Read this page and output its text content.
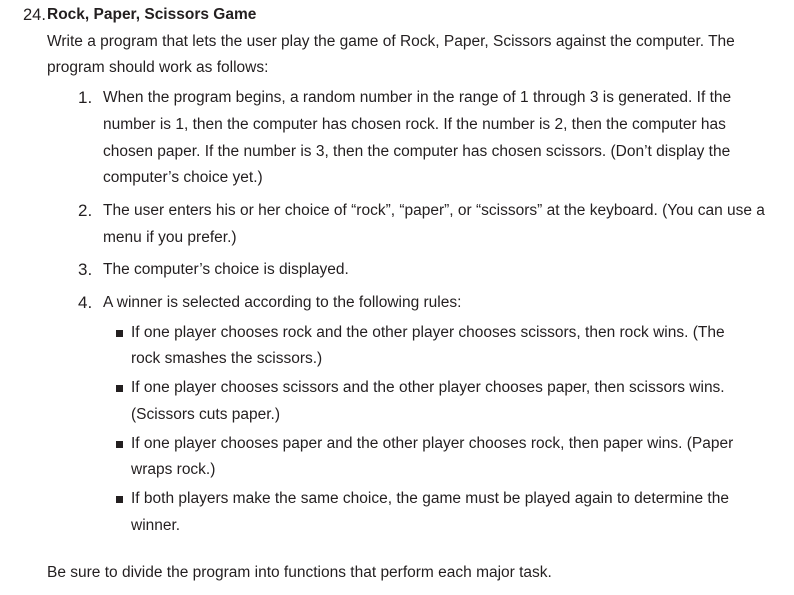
24. Rock, Paper, Scissors Game
Write a program that lets the user play the game of Rock, Paper, Scissors against the computer. The program should work as follows:
1. When the program begins, a random number in the range of 1 through 3 is generated. If the number is 1, then the computer has chosen rock. If the number is 2, then the computer has chosen paper. If the number is 3, then the computer has chosen scissors. (Don’t display the computer’s choice yet.)
2. The user enters his or her choice of “rock”, “paper”, or “scissors” at the keyboard. (You can use a menu if you prefer.)
3. The computer’s choice is displayed.
4. A winner is selected according to the following rules:
If one player chooses rock and the other player chooses scissors, then rock wins. (The rock smashes the scissors.)
If one player chooses scissors and the other player chooses paper, then scissors wins. (Scissors cuts paper.)
If one player chooses paper and the other player chooses rock, then paper wins. (Paper wraps rock.)
If both players make the same choice, the game must be played again to determine the winner.
Be sure to divide the program into functions that perform each major task.
